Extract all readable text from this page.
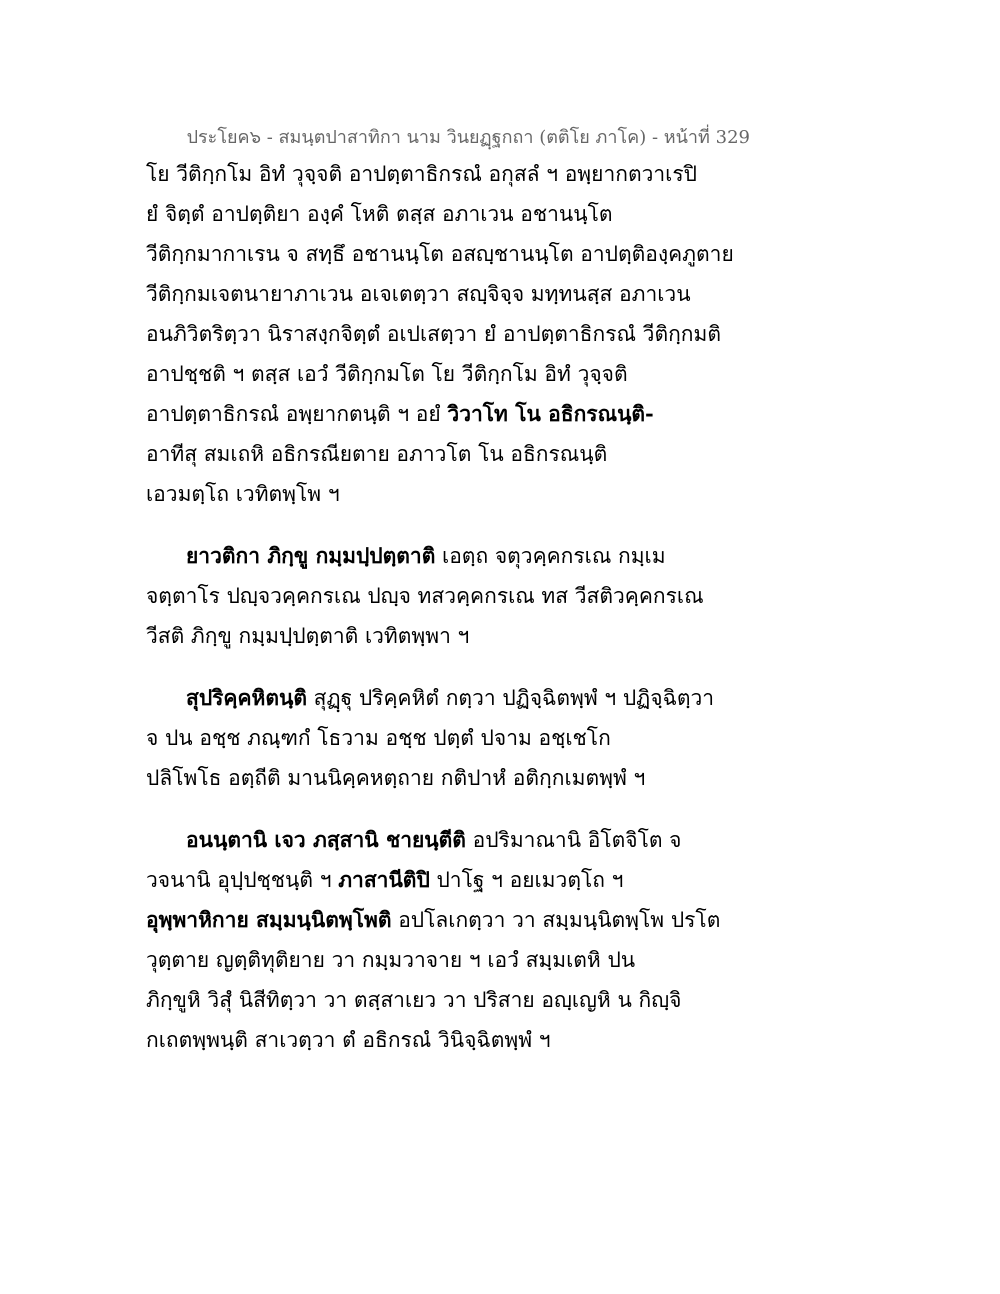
ประโยค๖ - สมนฺตปาสาทิกา นาม วินยฏฺฐกถา (ตติโย ภาโค) - หน้าที่ 329
โย วีติกฺกโม อิทํ วุจฺจติ อาปตฺตาธิกรณํ อกุสลํ ฯ อพฺยากตวาเรปิ
ยํ จิตฺตํ อาปตฺติยา องฺคํ โหติ ตสฺส อภาเวน อชานนฺโต
วีติกฺกมากาเรน จ สทฺธึ อชานนฺโต อสญฺชานนฺโต อาปตฺติองฺคภูตาย
วีติกฺกมเจตนายาภาเวน อเจเตตฺวา สญฺจิจฺจ มทฺทนสฺส อภาเวน
อนภิวิตริตฺวา นิราสงฺกจิตฺตํ อเปเสตฺวา ยํ อาปตฺตาธิกรณํ วีติกฺกมติ
อาปชฺชติ ฯ ตสฺส เอวํ วีติกฺกมโต โย วีติกฺกโม อิทํ วุจฺจติ
อาปตฺตาธิกรณํ อพฺยากตนฺติ ฯ อยํ วิวาโท โน อธิกรณนฺติ-
อาทีสุ สมเถหิ อธิกรณียตาย อภาวโต โน อธิกรณนฺติ
เอวมตฺโถ เวทิตพฺโพ ฯ
ยาวติกา ภิกฺขู กมฺมปฺปตฺตาติ เอตฺถ จตุวคฺคกรเณ กมฺเม
จตฺตาโร ปญฺจวคฺคกรเณ ปญฺจ ทสวคฺคกรเณ ทส วีสติวคฺคกรเณ
วีสติ ภิกฺขู กมฺมปฺปตฺตาติ เวทิตพฺพา ฯ
สุปริคฺคหิตนฺติ สุฏฺฐุ ปริคฺคหิตํ กตฺวา ปฏิจฺฉิตพฺพํ ฯ ปฏิจฺฉิตฺวา
จ ปน อชฺช ภณฺฑกํ โธวาม อชฺช ปตฺตํ ปจาม อชฺเชโก
ปลิโพโธ อตฺถีติ มานนิคฺคหตฺถาย กติปาหํ อติกฺกเมตพฺพํ ฯ
อนนฺตานิ เจว ภสฺสานิ ชายนฺตีติ อปริมาณานิ อิโตจิโต จ
วจนานิ อุปฺปชฺชนฺติ ฯ ภาสานีติปิ ปาโฐ ฯ อยเมวตฺโถ ฯ
อุพฺพาหิกาย สมฺมนฺนิตพฺโพติ อปโลเกตฺวา วา สมฺมนฺนิตพฺโพ ปรโต
วุตฺตาย ญตฺติทุติยาย วา กมฺมวาจาย ฯ เอวํ สมฺมเตหิ ปน
ภิกฺขูหิ วิสุํ นิสีทิตฺวา วา ตสฺสาเยว วา ปริสาย อญฺเญหิ น กิญฺจิ
กเถตพฺพนฺติ สาเวตฺวา ตํ อธิกรณํ วินิจฺฉิตพฺพํ ฯ
